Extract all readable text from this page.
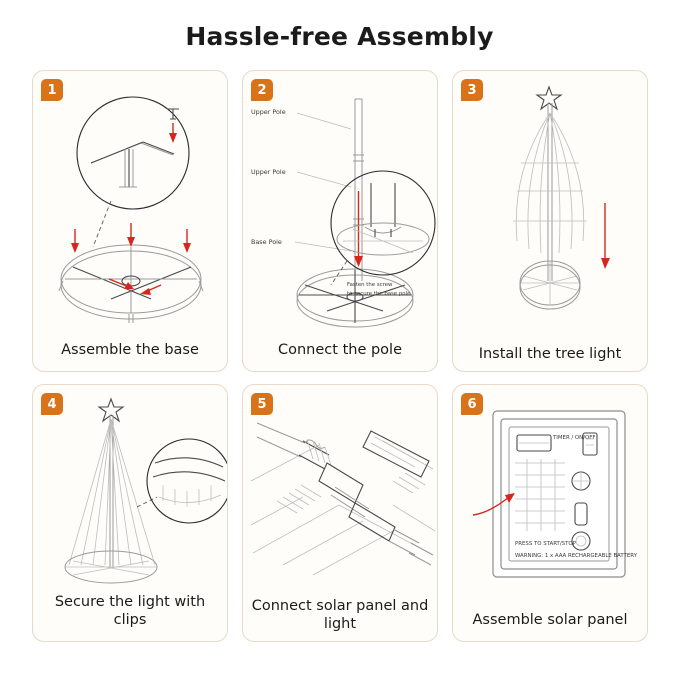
Hassle-free Assembly
1
Assemble the base
2
Upper Pole
Upper Pole
Base Pole
Fasten the screw
to secure the base pole.
Connect the pole
3
Install the tree light
4
Secure the light with clips
5
Connect solar panel and light
6
TIMER / ON/OFF
PRESS TO START/STOP
WARNING: 1 x AAA RECHARGEABLE BATTERY
Assemble solar panel
